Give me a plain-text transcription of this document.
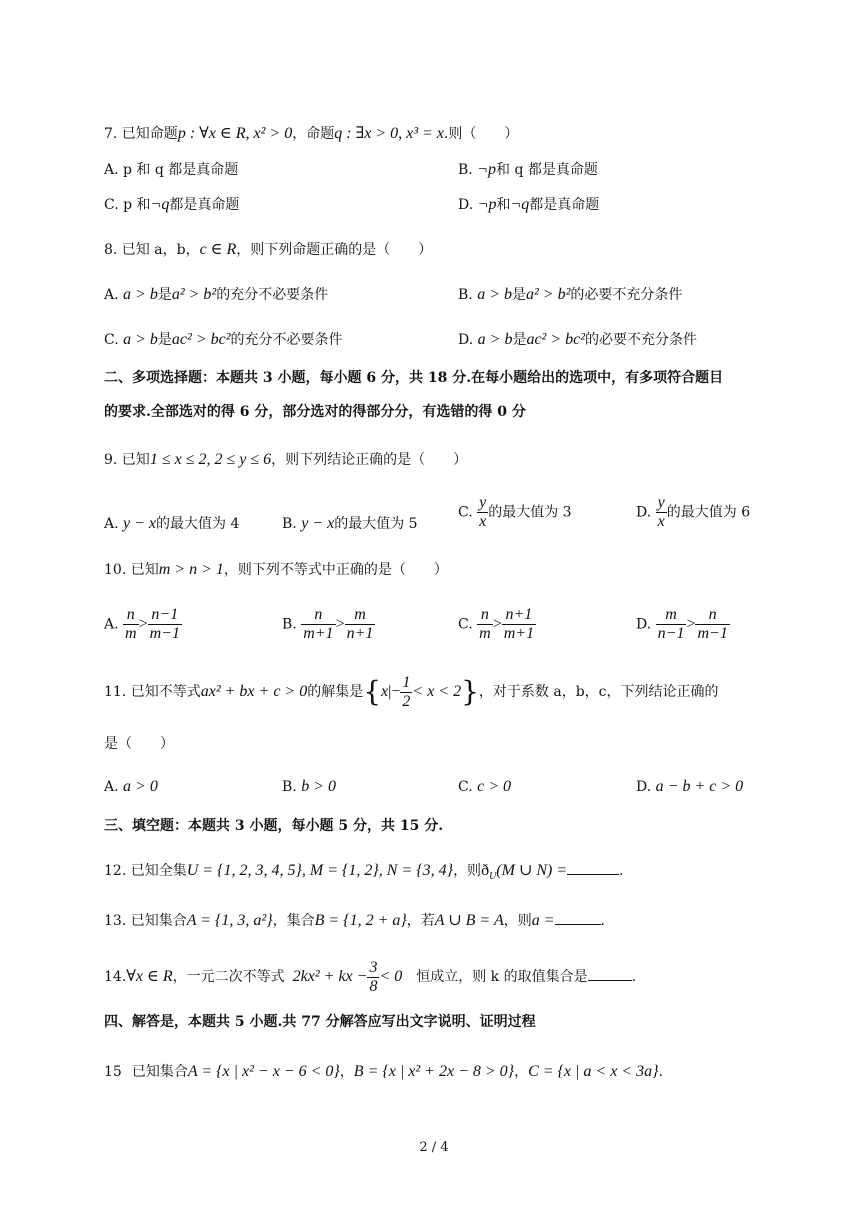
7. 已知命题p : ∀x ∈ R, x² > 0，命题q : ∃x > 0, x³ = x.则（　　）
A. p 和 q 都是真命题	B. ¬p和 q 都是真命题
C. p 和¬q都是真命题	D. ¬p和¬q都是真命题
8. 已知 a，b，c ∈ R，则下列命题正确的是（　　）
A. a > b是a² > b²的充分不必要条件	B. a > b是a² > b²的必要不充分条件
C. a > b是ac² > bc²的充分不必要条件	D. a > b是ac² > bc²的必要不充分条件
二、多项选择题：本题共 3 小题，每小题 6 分，共 18 分.在每小题给出的选项中，有多项符合题目
的要求.全部选对的得 6 分，部分选对的得部分分，有选错的得 0 分
9. 已知1 ≤ x ≤ 2, 2 ≤ y ≤ 6，则下列结论正确的是（　　）
A. y − x的最大值为 4	B. y − x的最大值为 5
C. $\frac{y}{x}$ 的最大值为 3	D. $\frac{y}{x}$ 的最大值为 6
10. 已知m > n > 1，则下列不等式中正确的是（　　）
A. $\frac{n}{m} > \frac{n-1}{m-1}$	B. $\frac{n}{m+1} > \frac{m}{n+1}$	C. $\frac{n}{m} > \frac{n+1}{m+1}$	D. $\frac{m}{n-1} > \frac{n}{m-1}$
11. 已知不等式ax² + bx + c > 0的解集是$\{x|- \frac{1}{2} < x < 2\}$，对于系数 a，b，c，下列结论正确的
是（　　）
A. a > 0	B. b > 0	C. c > 0	D. a − b + c > 0
三、填空题：本题共 3 小题，每小题 5 分，共 15 分.
12. 已知全集U = {1, 2, 3, 4, 5}, M = {1, 2}, N = {3, 4}，则$ð_U(M$ ∪ N) =	.
13. 已知集合A = {1, 3, a²}，集合B = {1, 2 + a}，若A ∪ B = A，则a =	.
14.∀x ∈ R，一元二次不等式 2kx² + kx − $\frac{3}{8} < 0$ 恒成立，则 k 的取值集合是	.
四、解答是，本题共 5 小题.共 77 分解答应写出文字说明、证明过程
15 已知集合A = {x | x² − x − 6 < 0}，B = {x | x² + 2x − 8 > 0}，C = {x | a < x < 3a}.
2 / 4
